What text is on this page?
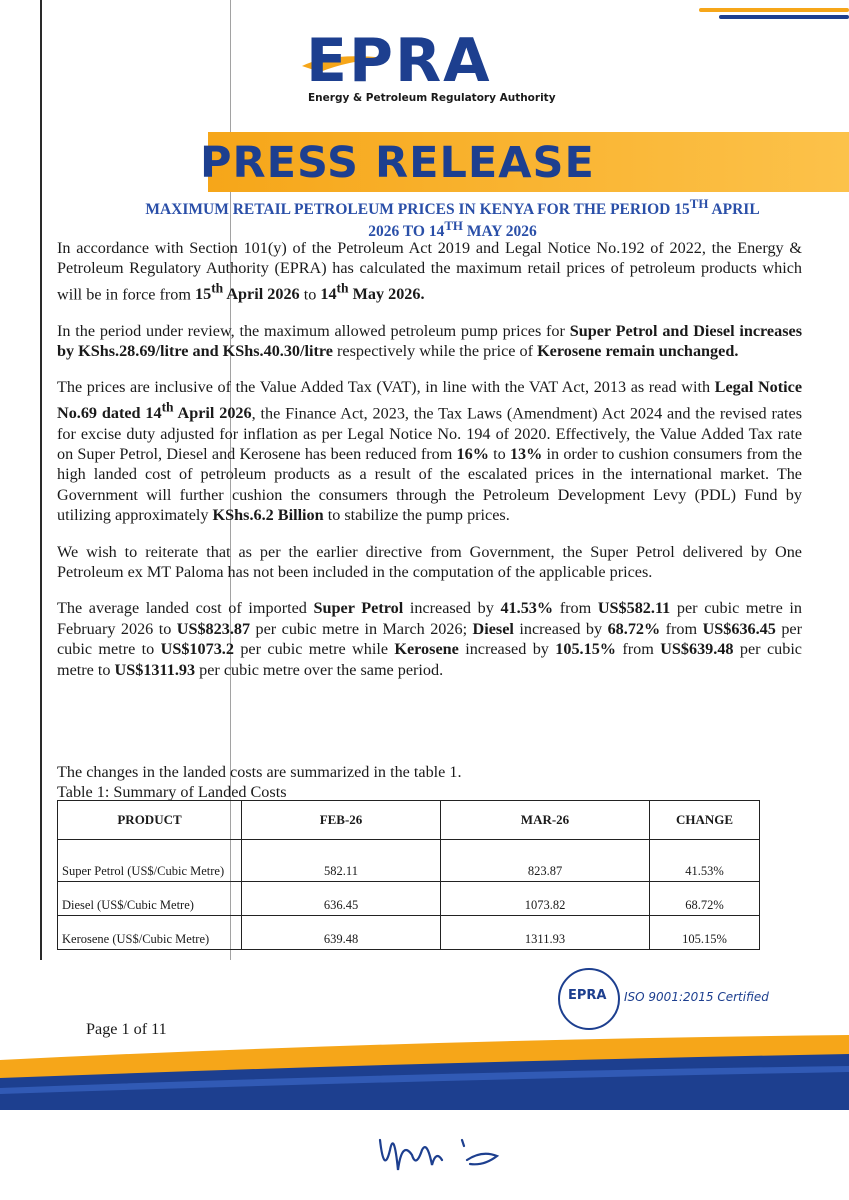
EPRA
Energy & Petroleum Regulatory Authority
PRESS RELEASE
MAXIMUM RETAIL PETROLEUM PRICES IN KENYA FOR THE PERIOD 15TH APRIL
2026 TO 14TH MAY 2026

In accordance with Section 101(y) of the Petroleum Act 2019 and Legal Notice No.192 of 2022, the Energy & Petroleum Regulatory Authority (EPRA) has calculated the maximum retail prices of petroleum products which will be in force from 15th April 2026 to 14th May 2026.

In the period under review, the maximum allowed petroleum pump prices for Super Petrol and Diesel increases by KShs.28.69/litre and KShs.40.30/litre respectively while the price of Kerosene remain unchanged.

The prices are inclusive of the Value Added Tax (VAT), in line with the VAT Act, 2013 as read with Legal Notice No.69 dated 14th April 2026, the Finance Act, 2023, the Tax Laws (Amendment) Act 2024 and the revised rates for excise duty adjusted for inflation as per Legal Notice No. 194 of 2020. Effectively, the Value Added Tax rate on Super Petrol, Diesel and Kerosene has been reduced from 16% to 13% in order to cushion consumers from the high landed cost of petroleum products as a result of the escalated prices in the international market. The Government will further cushion the consumers through the Petroleum Development Levy (PDL) Fund by utilizing approximately KShs.6.2 Billion to stabilize the pump prices.

We wish to reiterate that as per the earlier directive from Government, the Super Petrol delivered by One Petroleum ex MT Paloma has not been included in the computation of the applicable prices.

The average landed cost of imported Super Petrol increased by 41.53% from US$582.11 per cubic metre in February 2026 to US$823.87 per cubic metre in March 2026; Diesel increased by 68.72% from US$636.45 per cubic metre to US$1073.2 per cubic metre while Kerosene increased by 105.15% from US$639.48 per cubic metre to US$1311.93 per cubic metre over the same period.

The changes in the landed costs are summarized in the table 1.
Table 1: Summary of Landed Costs
PRODUCT	FEB-26	MAR-26	CHANGE
Super Petrol (US$/Cubic Metre)	582.11	823.87	41.53%
Diesel (US$/Cubic Metre)	636.45	1073.82	68.72%
Kerosene (US$/Cubic Metre)	639.48	1311.93	105.15%
EPRA ISO 9001:2015 Certified
Page 1 of 11
